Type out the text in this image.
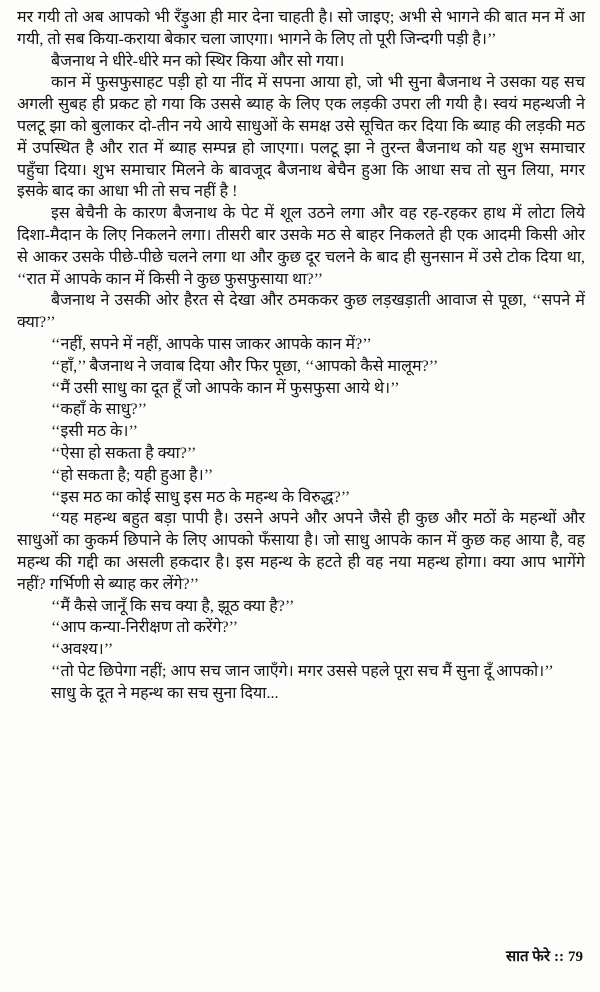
मर गयी तो अब आपको भी रँड़ुआ ही मार देना चाहती है। सो जाइए; अभी से भागने की बात मन में आ गयी, तो सब किया-कराया बेकार चला जाएगा। भागने के लिए तो पूरी जिन्दगी पड़ी है।’’

बैजनाथ ने धीरे-धीरे मन को स्थिर किया और सो गया।

कान में फुसफुसाहट पड़ी हो या नींद में सपना आया हो, जो भी सुना बैजनाथ ने उसका यह सच अगली सुबह ही प्रकट हो गया कि उससे ब्याह के लिए एक लड़की उपरा ली गयी है। स्वयं महन्थजी ने पलटू झा को बुलाकर दो-तीन नये आये साधुओं के समक्ष उसे सूचित कर दिया कि ब्याह की लड़की मठ में उपस्थित है और रात में ब्याह सम्पन्न हो जाएगा। पलटू झा ने तुरन्त बैजनाथ को यह शुभ समाचार पहुँचा दिया। शुभ समाचार मिलने के बावजूद बैजनाथ बेचैन हुआ कि आधा सच तो सुन लिया, मगर इसके बाद का आधा भी तो सच नहीं है !

इस बेचैनी के कारण बैजनाथ के पेट में शूल उठने लगा और वह रह-रहकर हाथ में लोटा लिये दिशा-मैदान के लिए निकलने लगा। तीसरी बार उसके मठ से बाहर निकलते ही एक आदमी किसी ओर से आकर उसके पीछे-पीछे चलने लगा था और कुछ दूर चलने के बाद ही सुनसान में उसे टोक दिया था, ‘‘रात में आपके कान में किसी ने कुछ फुसफुसाया था?’’

बैजनाथ ने उसकी ओर हैरत से देखा और ठमककर कुछ लड़खड़ाती आवाज से पूछा, ‘‘सपने में क्या?’’

‘‘नहीं, सपने में नहीं, आपके पास जाकर आपके कान में?’’

‘‘हाँ,’’ बैजनाथ ने जवाब दिया और फिर पूछा, ‘‘आपको कैसे मालूम?’’

‘‘मैं उसी साधु का दूत हूँ जो आपके कान में फुसफुसा आये थे।’’

‘‘कहाँ के साधु?’’

‘‘इसी मठ के।’’

‘‘ऐसा हो सकता है क्या?’’

‘‘हो सकता है; यही हुआ है।’’

‘‘इस मठ का कोई साधु इस मठ के महन्थ के विरुद्ध?’’

‘‘यह महन्थ बहुत बड़ा पापी है। उसने अपने और अपने जैसे ही कुछ और मठों के महन्थों और साधुओं का कुकर्म छिपाने के लिए आपको फँसाया है। जो साधु आपके कान में कुछ कह आया है, वह महन्थ की गद्दी का असली हकदार है। इस महन्थ के हटते ही वह नया महन्थ होगा। क्या आप भागेंगे नहीं? गर्भिणी से ब्याह कर लेंगे?’’

‘‘मैं कैसे जानूँ कि सच क्या है, झूठ क्या है?’’

‘‘आप कन्या-निरीक्षण तो करेंगे?’’

‘‘अवश्य।’’

‘‘तो पेट छिपेगा नहीं; आप सच जान जाएँगे। मगर उससे पहले पूरा सच मैं सुना दूँ आपको।’’

साधु के दूत ने महन्थ का सच सुना दिया...

सात फेरे :: 79
